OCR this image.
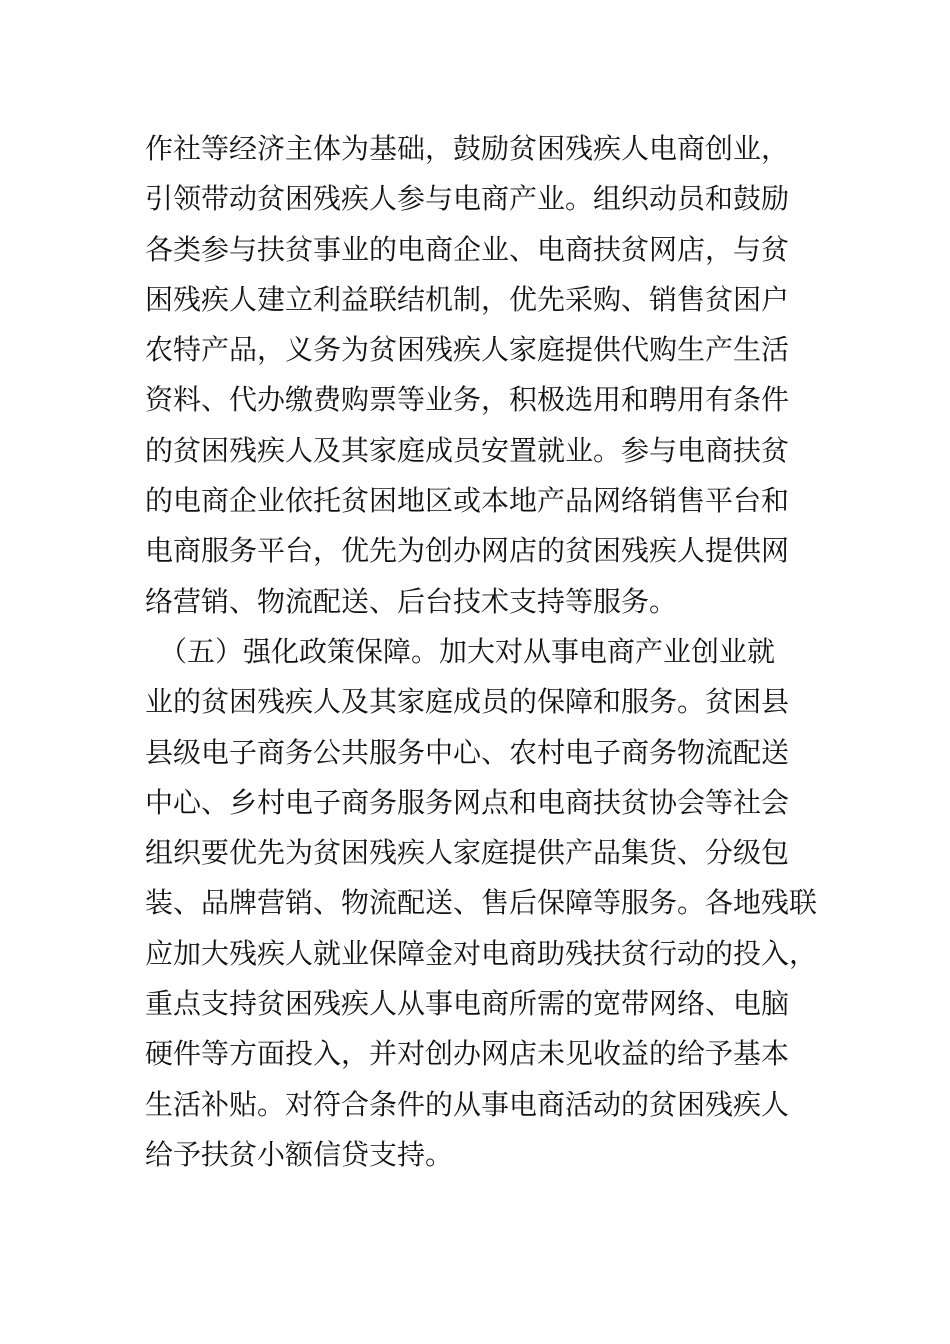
作社等经济主体为基础，鼓励贫困残疾人电商创业，
引领带动贫困残疾人参与电商产业。组织动员和鼓励
各类参与扶贫事业的电商企业、电商扶贫网店，与贫
困残疾人建立利益联结机制，优先采购、销售贫困户
农特产品，义务为贫困残疾人家庭提供代购生产生活
资料、代办缴费购票等业务，积极选用和聘用有条件
的贫困残疾人及其家庭成员安置就业。参与电商扶贫
的电商企业依托贫困地区或本地产品网络销售平台和
电商服务平台，优先为创办网店的贫困残疾人提供网
络营销、物流配送、后台技术支持等服务。
　（五）强化政策保障。加大对从事电商产业创业就
业的贫困残疾人及其家庭成员的保障和服务。贫困县
县级电子商务公共服务中心、农村电子商务物流配送
中心、乡村电子商务服务网点和电商扶贫协会等社会
组织要优先为贫困残疾人家庭提供产品集货、分级包
装、品牌营销、物流配送、售后保障等服务。各地残联
应加大残疾人就业保障金对电商助残扶贫行动的投入，
重点支持贫困残疾人从事电商所需的宽带网络、电脑
硬件等方面投入，并对创办网店未见收益的给予基本
生活补贴。对符合条件的从事电商活动的贫困残疾人
给予扶贫小额信贷支持。
